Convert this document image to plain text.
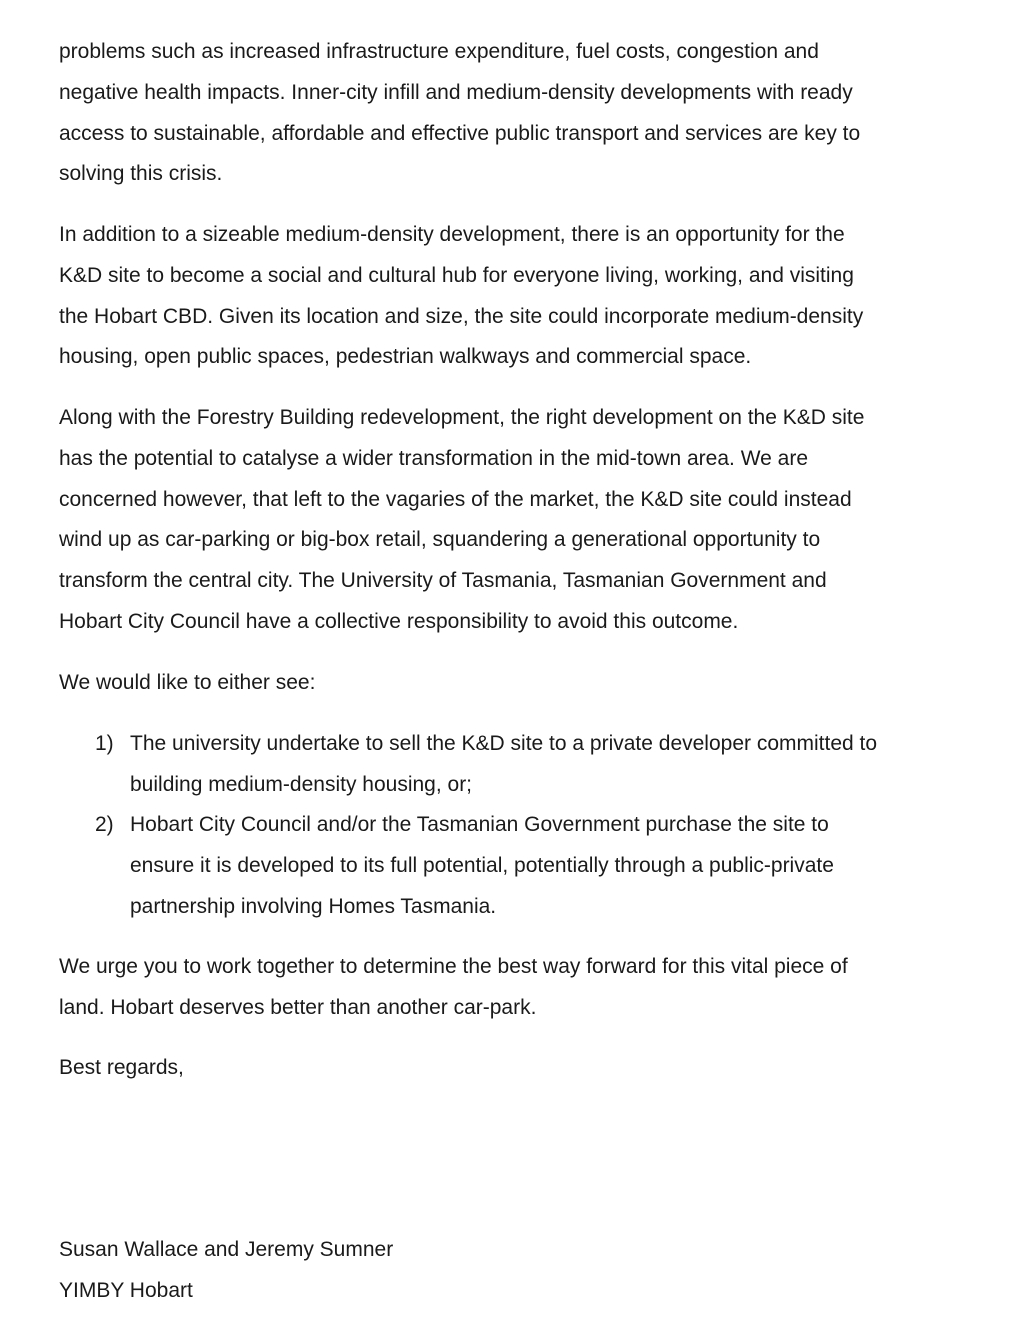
problems such as increased infrastructure expenditure, fuel costs, congestion and
negative health impacts. Inner-city infill and medium-density developments with ready
access to sustainable, affordable and effective public transport and services are key to
solving this crisis.
In addition to a sizeable medium-density development, there is an opportunity for the
K&D site to become a social and cultural hub for everyone living, working, and visiting
the Hobart CBD. Given its location and size, the site could incorporate medium-density
housing, open public spaces, pedestrian walkways and commercial space.
Along with the Forestry Building redevelopment, the right development on the K&D site
has the potential to catalyse a wider transformation in the mid-town area. We are
concerned however, that left to the vagaries of the market, the K&D site could instead
wind up as car-parking or big-box retail, squandering a generational opportunity to
transform the central city. The University of Tasmania, Tasmanian Government and
Hobart City Council have a collective responsibility to avoid this outcome.
We would like to either see:
1) The university undertake to sell the K&D site to a private developer committed to
building medium-density housing, or;
2) Hobart City Council and/or the Tasmanian Government purchase the site to
ensure it is developed to its full potential, potentially through a public-private
partnership involving Homes Tasmania.
We urge you to work together to determine the best way forward for this vital piece of
land. Hobart deserves better than another car-park.
Best regards,
Susan Wallace and Jeremy Sumner
YIMBY Hobart
